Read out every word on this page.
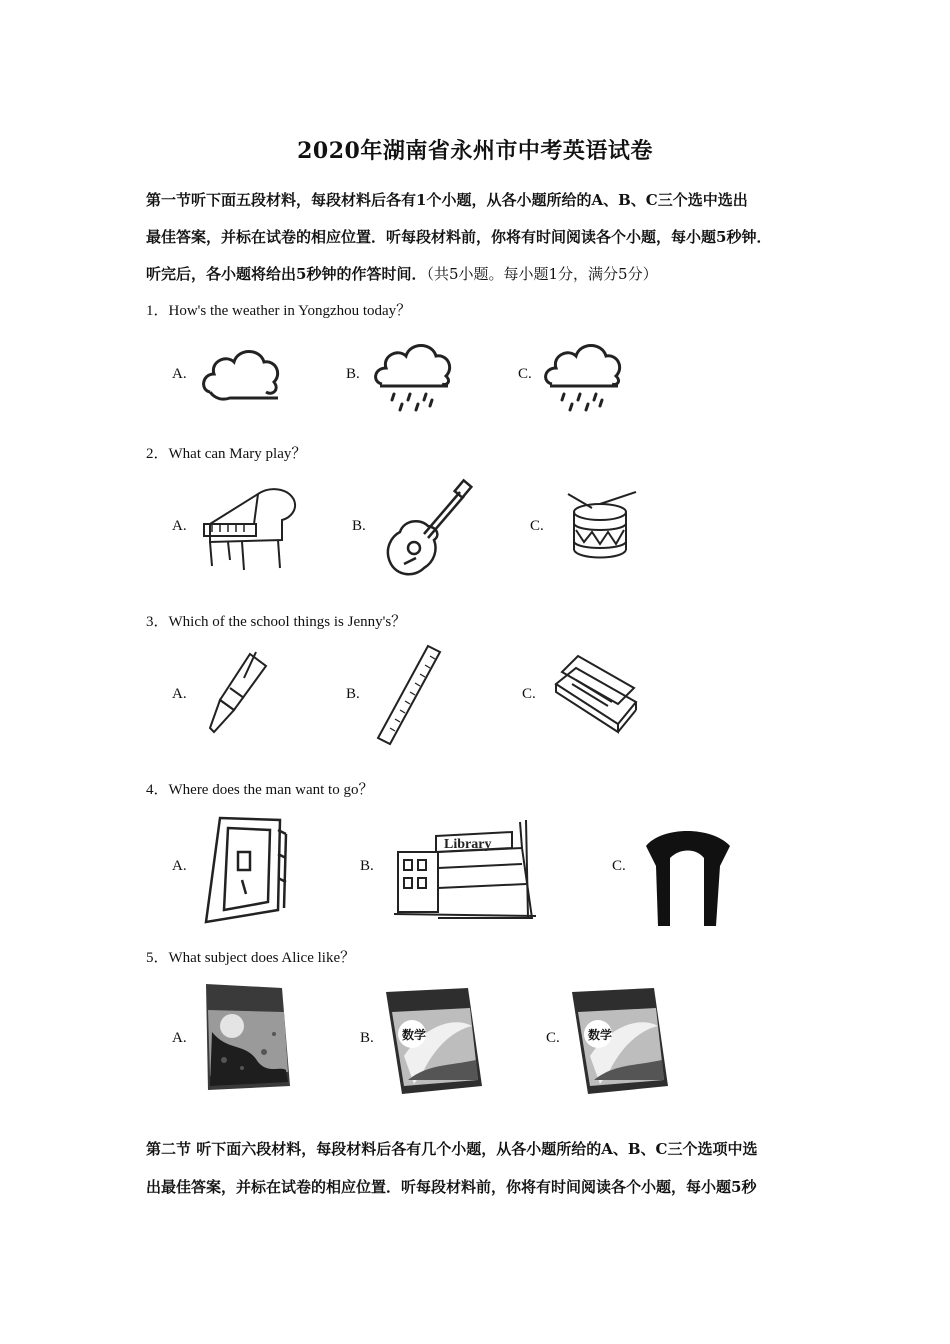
2020年湖南省永州市中考英语试卷
第一节听下面五段材料，每段材料后各有1个小题，从各小题所给的A、B、C三个选中选出
最佳答案，并标在试卷的相应位置．听每段材料前，你将有时间阅读各个小题，每小题5秒钟．
听完后，各小题将给出5秒钟的作答时间．（共5小题。每小题1分，满分5分）
1．How's the weather in Yongzhou today？
A.	B.	C.
2．What can Mary play？
A.	B.	C.
3．Which of the school things is Jenny's？
A.	B.	C.
4．Where does the man want to go？
A.	B.
Library
C.
5．What subject does Alice like？
A.	B. 数学	C. 数学
第二节 听下面六段材料，每段材料后各有几个小题，从各小题所给的A、B、C三个选项中选
出最佳答案，并标在试卷的相应位置．听每段材料前，你将有时间阅读各个小题，每小题5秒
